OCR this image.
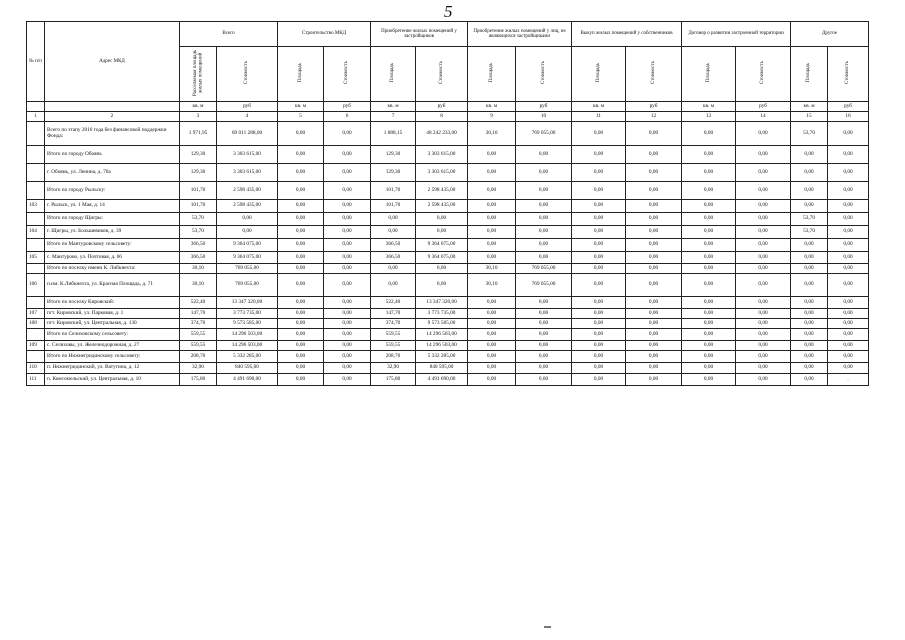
5
№ п/п	Адрес МКД	Всего		Строительство МКД		Приобретение жилых помещений у застройщиков		Приобретение жилых помещений у лиц, не являющихся застройщиками		Выкуп жилых помещений у собственников		Договор о развитии застроенной территории		Другое	
		Расселяемая площадь жилых помещений	Стоимость	Площадь	Стоимость	Площадь	Стоимость	Площадь	Стоимость	Площадь	Стоимость	Площадь	Стоимость	Площадь	Стоимость
		кв. м	руб	кв. м	руб	кв. м	руб	кв. м	руб	кв. м	руб	кв. м	руб	кв. м	руб
1	2	3	4	5	6	7	8	9	10	11	12	13	14	15	16
	Всего по этапу 2016 года без финансовой поддержки Фонда:	1 971,95	69 011 288,00	0,00	0,00	1 888,15	48 242 233,00	30,10	769 055,00	0,00	0,00	0,00	0,00	53,70	0,00
	Итого по городу Обоянь	129,30	3 303 615,00	0,00	0,00	129,30	3 303 615,00	0,00	0,00	0,00	0,00	0,00	0,00	0,00	0,00
	г. Обоянь, ул. Ленина, д. 70а	129,30	3 303 615,00	0,00	0,00	129,30	3 303 615,00	0,00	0,00	0,00	0,00	0,00	0,00	0,00	0,00
	Итого по городу Рыльску:	101,70	2 598 435,00	0,00	0,00	101,70	2 598 435,00	0,00	0,00	0,00	0,00	0,00	0,00	0,00	0,00
103	г. Рыльск, ул. 1 Мая, д. 14	101,70	2 598 435,00	0,00	0,00	101,70	2 598 435,00	0,00	0,00	0,00	0,00	0,00	0,00	0,00	0,00
	Итого по городу Щигры:	53,70	0,00	0,00	0,00	0,00	0,00	0,00	0,00	0,00	0,00	0,00	0,00	53,70	0,00
104	г. Щигры, ул. Большевиков, д. 39	53,70	0,00	0,00	0,00	0,00	0,00	0,00	0,00	0,00	0,00	0,00	0,00	53,70	0,00
	Итого по Мантуровскому сельсовету:	366,50	9 364 075,00	0,00	0,00	366,50	9 364 075,00	0,00	0,00	0,00	0,00	0,00	0,00	0,00	0,00
105	с. Мантурово, ул. Почтовая, д. 66	366,50	9 364 075,00	0,00	0,00	366,50	9 364 075,00	0,00	0,00	0,00	0,00	0,00	0,00	0,00	0,00
	Итого по поселку имени К. Либкнехта:	30,10	769 055,00	0,00	0,00	0,00	0,00	30,10	769 055,00	0,00	0,00	0,00	0,00	0,00	0,00
106	п.им. К.Либкнехта, ул. Красная Площадь, д. 71	30,10	769 055,00	0,00	0,00	0,00	0,00	30,10	769 055,00	0,00	0,00	0,00	0,00	0,00	0,00
	Итого по поселку Кировский:	522,40	13 347 320,00	0,00	0,00	522,40	13 347 320,00	0,00	0,00	0,00	0,00	0,00	0,00	0,00	0,00
107	пгт. Кировский, ул. Парковая, д. 1	147,70	3 773 735,00	0,00	0,00	147,70	3 773 735,00	0,00	0,00	0,00	0,00	0,00	0,00	0,00	0,00
108	пгт. Кировский, ул. Центральная, д. 130	374,70	9 573 585,00	0,00	0,00	374,70	9 573 585,00	0,00	0,00	0,00	0,00	0,00	0,00	0,00	0,00
	Итого по Селиховскому сельсовету:	559,55	14 296 503,00	0,00	0,00	559,55	14 296 503,00	0,00	0,00	0,00	0,00	0,00	0,00	0,00	0,00
109	с. Селиховы, ул. Железнодорожная, д. 27	559,55	14 296 503,00	0,00	0,00	559,55	14 296 503,00	0,00	0,00	0,00	0,00	0,00	0,00	0,00	0,00
	Итого по Нижнегридинскому сельсовету:	208,70	5 332 285,00	0,00	0,00	208,70	5 332 285,00	0,00	0,00	0,00	0,00	0,00	0,00	0,00	0,00
110	п. Нижнегридинский, ул. Ватутина, д. 12	32,90	840 595,00	0,00	0,00	32,90	840 595,00	0,00	0,00	0,00	0,00	0,00	0,00	0,00	0,00
111	п. Комсомольский, ул. Центральная, д. 10	175,80	4 491 690,00	0,00	0,00	175,80	4 491 690,00	0,00	0,00	0,00	0,00	0,00	0,00	0,00	.
